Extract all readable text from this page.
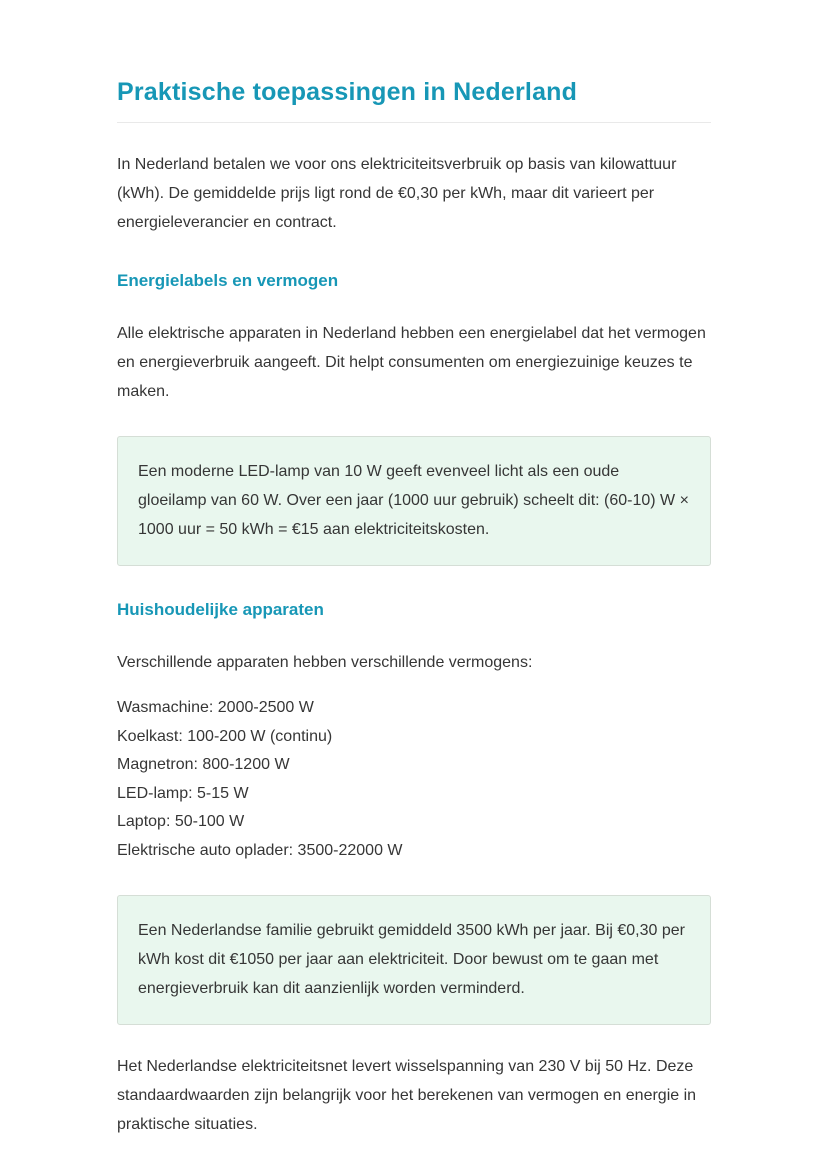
Praktische toepassingen in Nederland

In Nederland betalen we voor ons elektriciteitsverbruik op basis van kilowattuur (kWh). De gemiddelde prijs ligt rond de €0,30 per kWh, maar dit varieert per energieleverancier en contract.

Energielabels en vermogen

Alle elektrische apparaten in Nederland hebben een energielabel dat het vermogen en energieverbruik aangeeft. Dit helpt consumenten om energiezuinige keuzes te maken.

Een moderne LED-lamp van 10 W geeft evenveel licht als een oude gloeilamp van 60 W. Over een jaar (1000 uur gebruik) scheelt dit: (60-10) W × 1000 uur = 50 kWh = €15 aan elektriciteitskosten.

Huishoudelijke apparaten

Verschillende apparaten hebben verschillende vermogens:

Wasmachine: 2000-2500 W
Koelkast: 100-200 W (continu)
Magnetron: 800-1200 W
LED-lamp: 5-15 W
Laptop: 50-100 W
Elektrische auto oplader: 3500-22000 W

Een Nederlandse familie gebruikt gemiddeld 3500 kWh per jaar. Bij €0,30 per kWh kost dit €1050 per jaar aan elektriciteit. Door bewust om te gaan met energieverbruik kan dit aanzienlijk worden verminderd.

Het Nederlandse elektriciteitsnet levert wisselspanning van 230 V bij 50 Hz. Deze standaardwaarden zijn belangrijk voor het berekenen van vermogen en energie in praktische situaties.
